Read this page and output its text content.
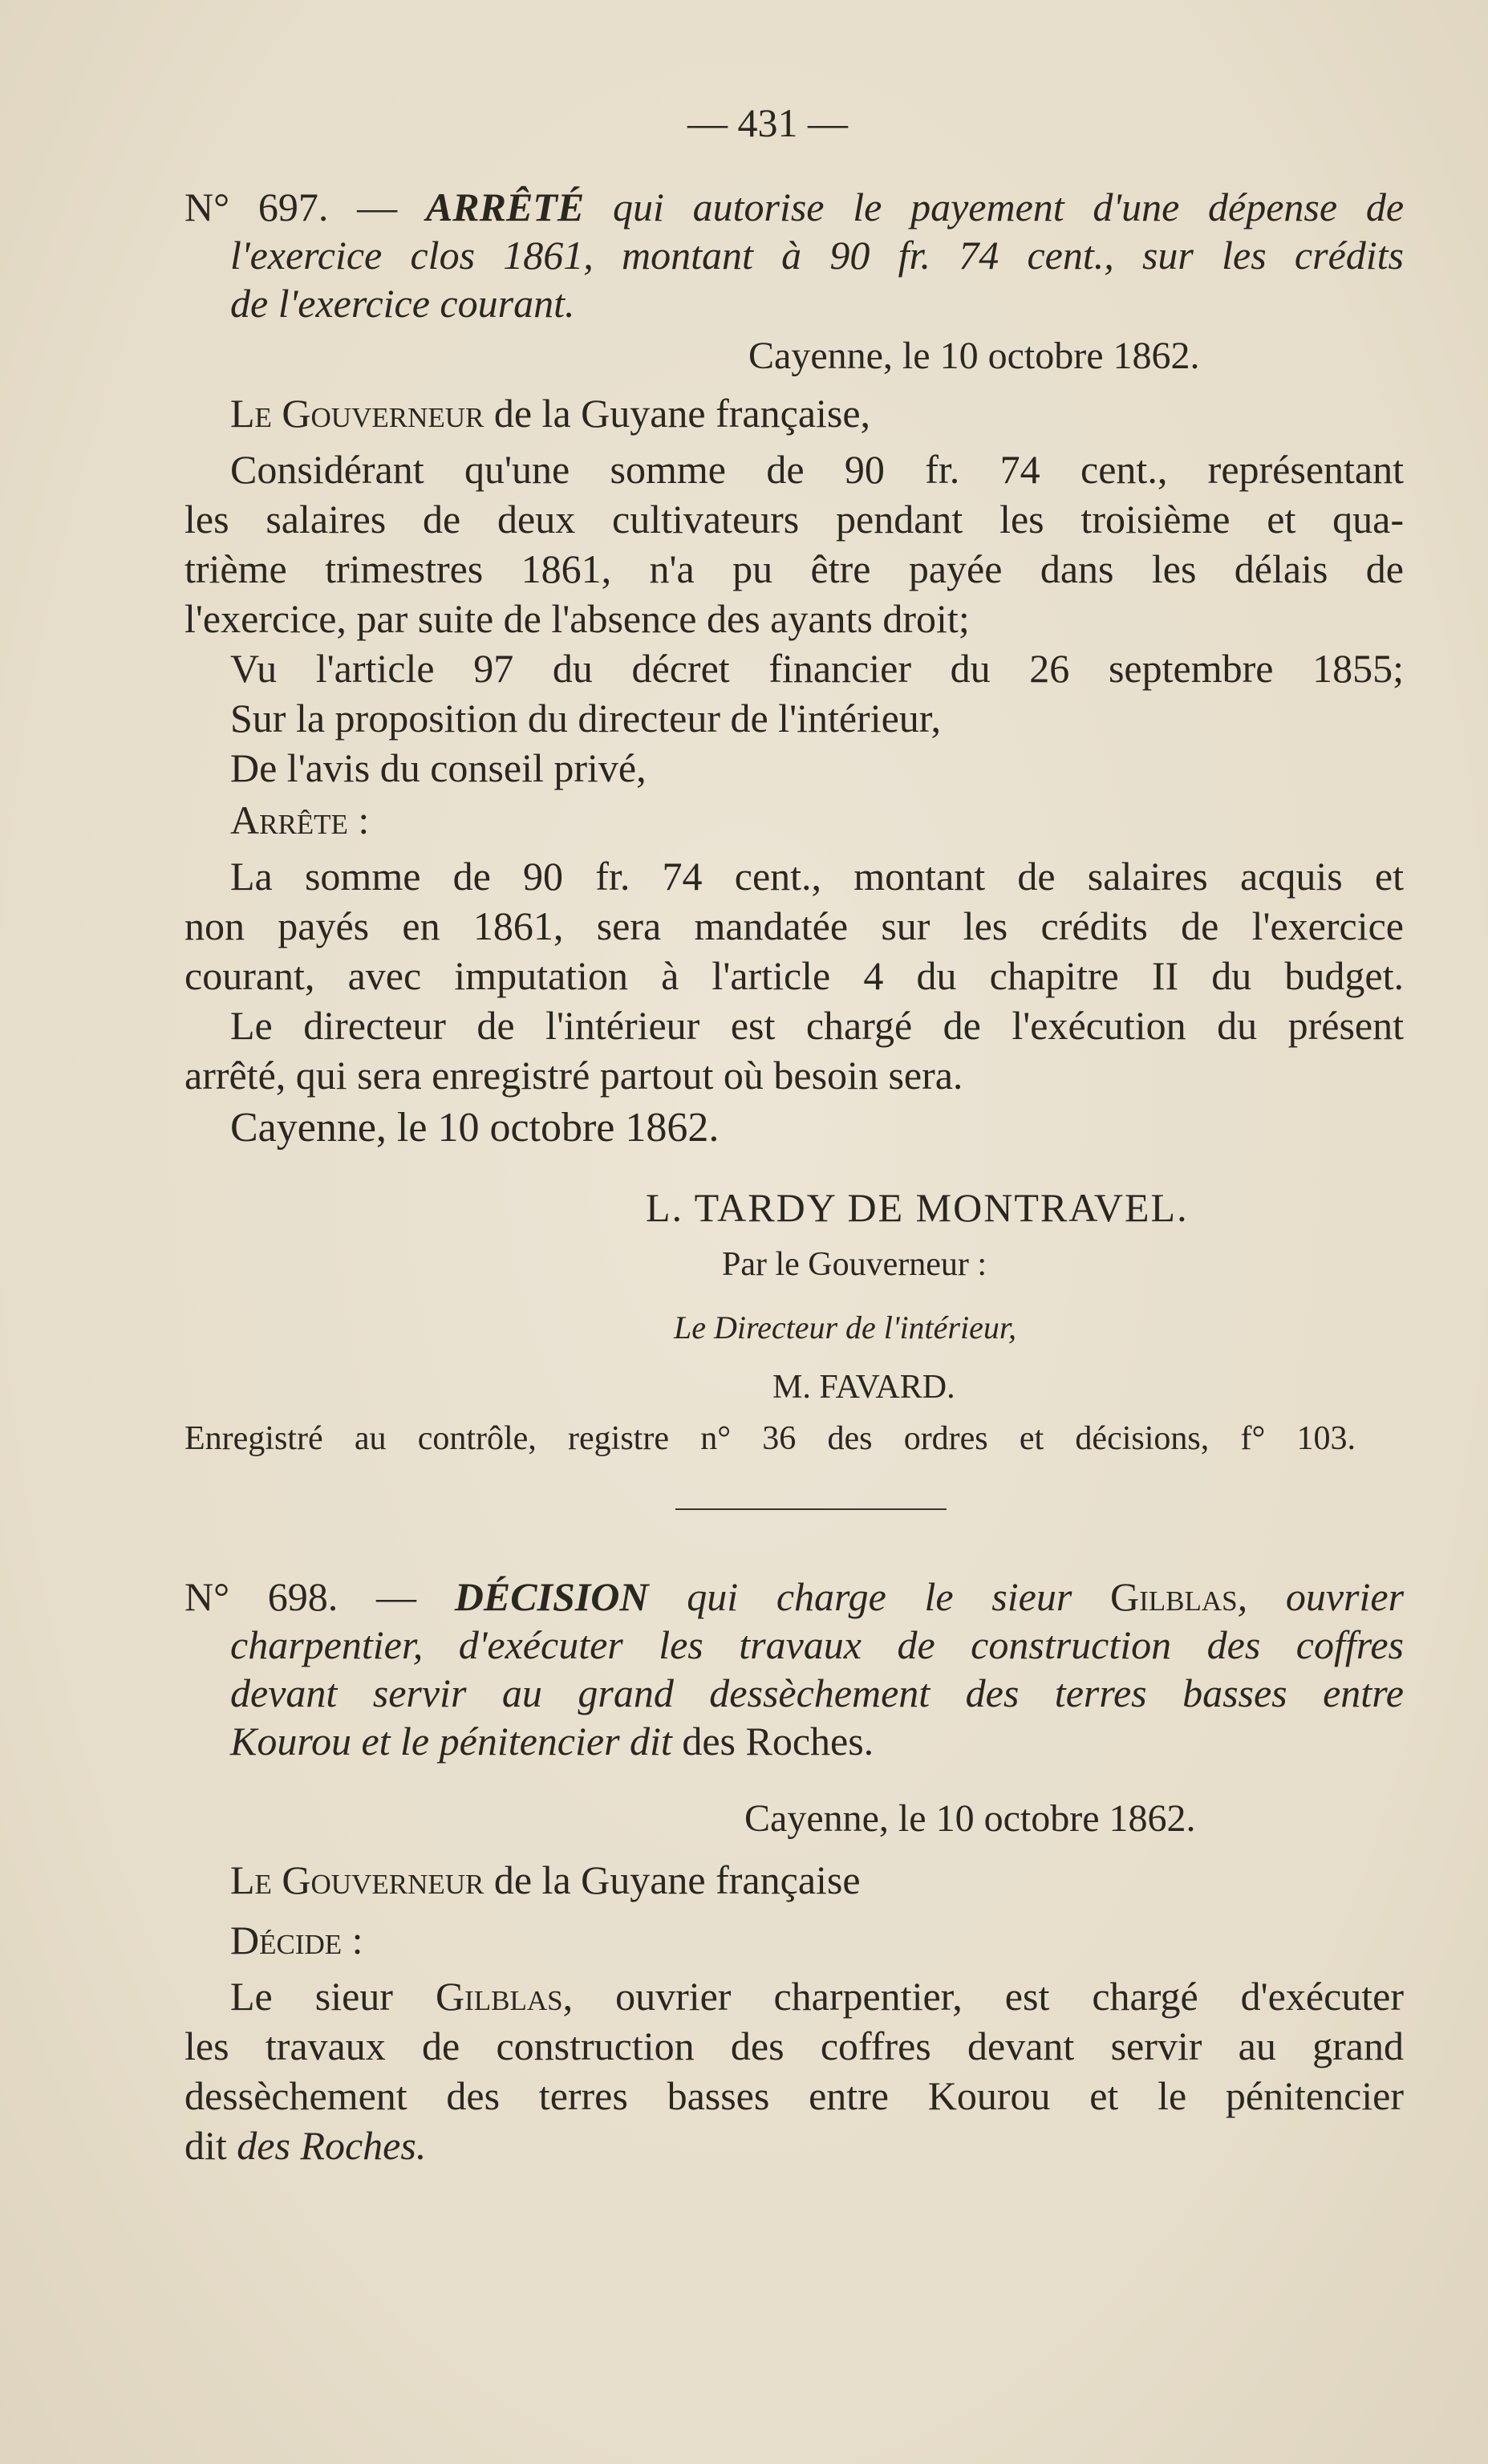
— 431 —
N° 697. — ARRÊTÉ qui autorise le payement d'une dépense de
l'exercice clos 1861, montant à 90 fr. 74 cent., sur les crédits
de l'exercice courant.
Cayenne, le 10 octobre 1862.
Le Gouverneur de la Guyane française,
Considérant qu'une somme de 90 fr. 74 cent., représentant
les salaires de deux cultivateurs pendant les troisième et qua-
trième trimestres 1861, n'a pu être payée dans les délais de
l'exercice, par suite de l'absence des ayants droit;
Vu l'article 97 du décret financier du 26 septembre 1855;
Sur la proposition du directeur de l'intérieur,
De l'avis du conseil privé,
Arrête :
La somme de 90 fr. 74 cent., montant de salaires acquis et
non payés en 1861, sera mandatée sur les crédits de l'exercice
courant, avec imputation à l'article 4 du chapitre II du budget.
Le directeur de l'intérieur est chargé de l'exécution du présent
arrêté, qui sera enregistré partout où besoin sera.
Cayenne, le 10 octobre 1862.
L. TARDY DE MONTRAVEL.
Par le Gouverneur :
Le Directeur de l'intérieur,
M. FAVARD.
Enregistré au contrôle, registre n° 36 des ordres et décisions, f° 103.
N° 698. — DÉCISION qui charge le sieur Gilblas, ouvrier
charpentier, d'exécuter les travaux de construction des coffres
devant servir au grand dessèchement des terres basses entre
Kourou et le pénitencier dit des Roches.
Cayenne, le 10 octobre 1862.
Le Gouverneur de la Guyane française
Décide :
Le sieur Gilblas, ouvrier charpentier, est chargé d'exécuter
les travaux de construction des coffres devant servir au grand
dessèchement des terres basses entre Kourou et le pénitencier
dit des Roches.
